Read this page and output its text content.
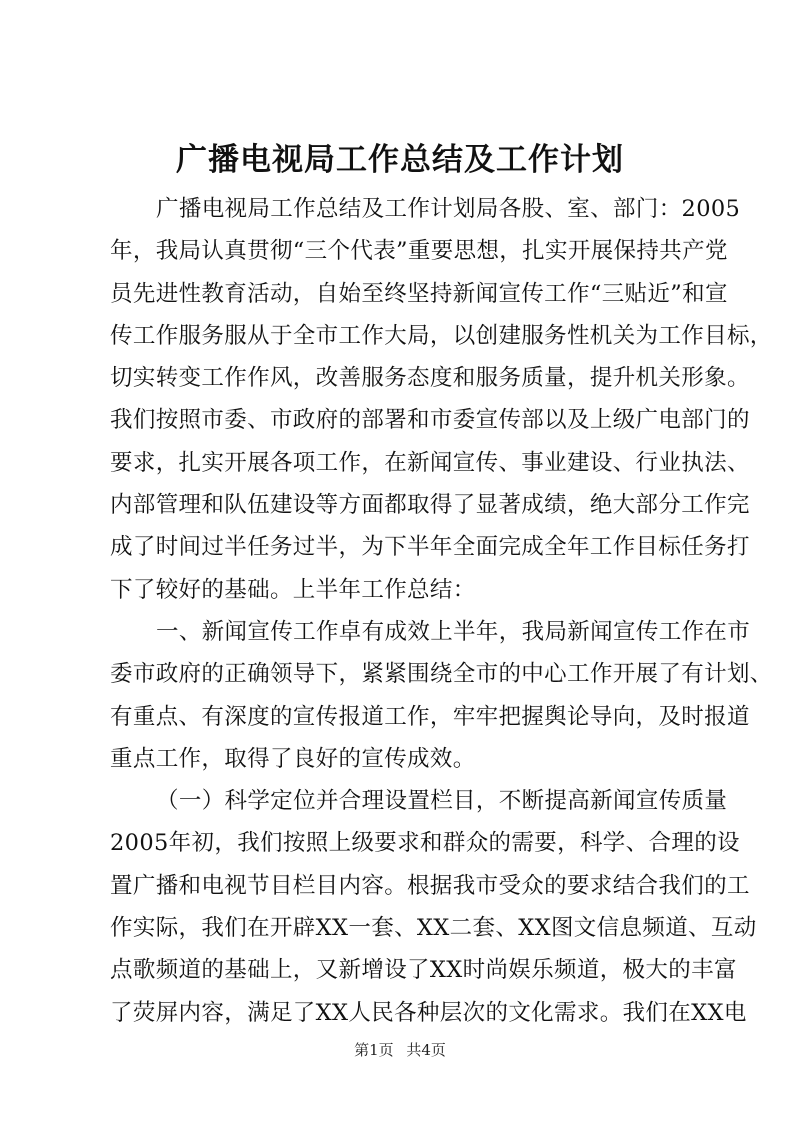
广播电视局工作总结及工作计划
广播电视局工作总结及工作计划局各股、室、部门：2005
年，我局认真贯彻“三个代表”重要思想，扎实开展保持共产党
员先进性教育活动，自始至终坚持新闻宣传工作“三贴近”和宣
传工作服务服从于全市工作大局，以创建服务性机关为工作目标，
切实转变工作作风，改善服务态度和服务质量，提升机关形象。
我们按照市委、市政府的部署和市委宣传部以及上级广电部门的
要求，扎实开展各项工作，在新闻宣传、事业建设、行业执法、
内部管理和队伍建设等方面都取得了显著成绩，绝大部分工作完
成了时间过半任务过半，为下半年全面完成全年工作目标任务打
下了较好的基础。上半年工作总结：
一、新闻宣传工作卓有成效上半年，我局新闻宣传工作在市
委市政府的正确领导下，紧紧围绕全市的中心工作开展了有计划、
有重点、有深度的宣传报道工作，牢牢把握舆论导向，及时报道
重点工作，取得了良好的宣传成效。
（一）科学定位并合理设置栏目，不断提高新闻宣传质量
2005年初，我们按照上级要求和群众的需要，科学、合理的设
置广播和电视节目栏目内容。根据我市受众的要求结合我们的工
作实际，我们在开辟XX一套、XX二套、XX图文信息频道、互动
点歌频道的基础上，又新增设了XX时尚娱乐频道，极大的丰富
了荧屏内容，满足了XX人民各种层次的文化需求。我们在XX电
第1页 共4页
